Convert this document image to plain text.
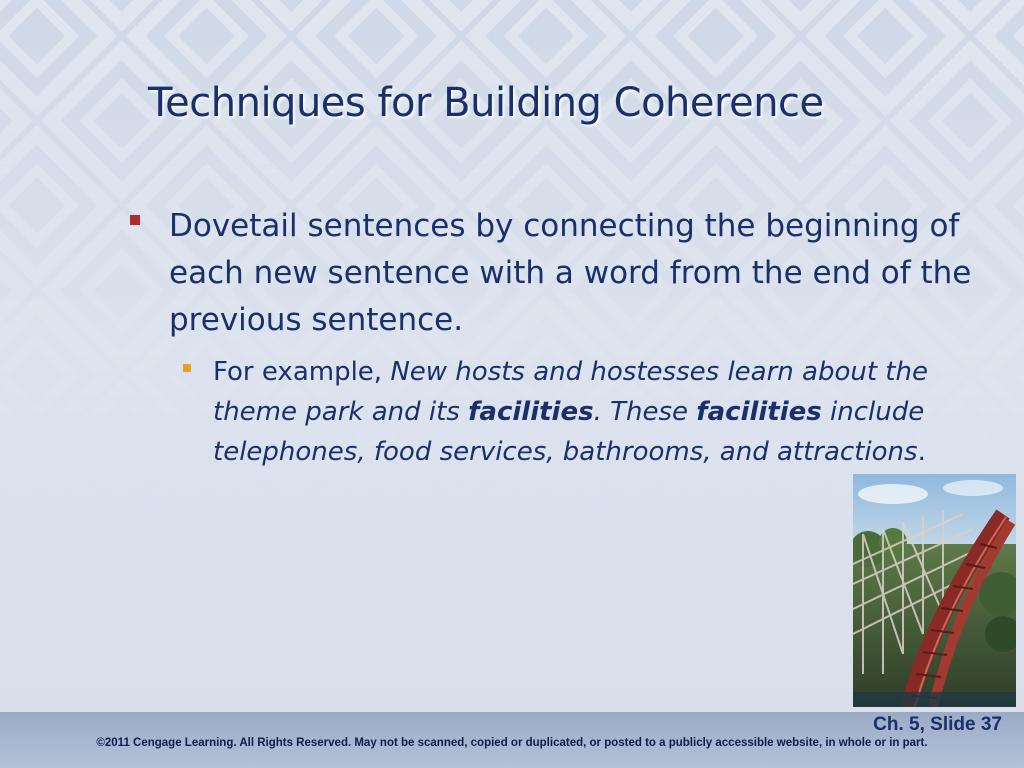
Techniques for Building Coherence
Dovetail sentences by connecting the beginning of each new sentence with a word from the end of the previous sentence.
For example, New hosts and hostesses learn about the theme park and its facilities. These facilities include telephones, food services, bathrooms, and attractions.
Ch. 5, Slide 37
©2011 Cengage Learning. All Rights Reserved. May not be scanned, copied or duplicated, or posted to a publicly accessible website, in whole or in part.
